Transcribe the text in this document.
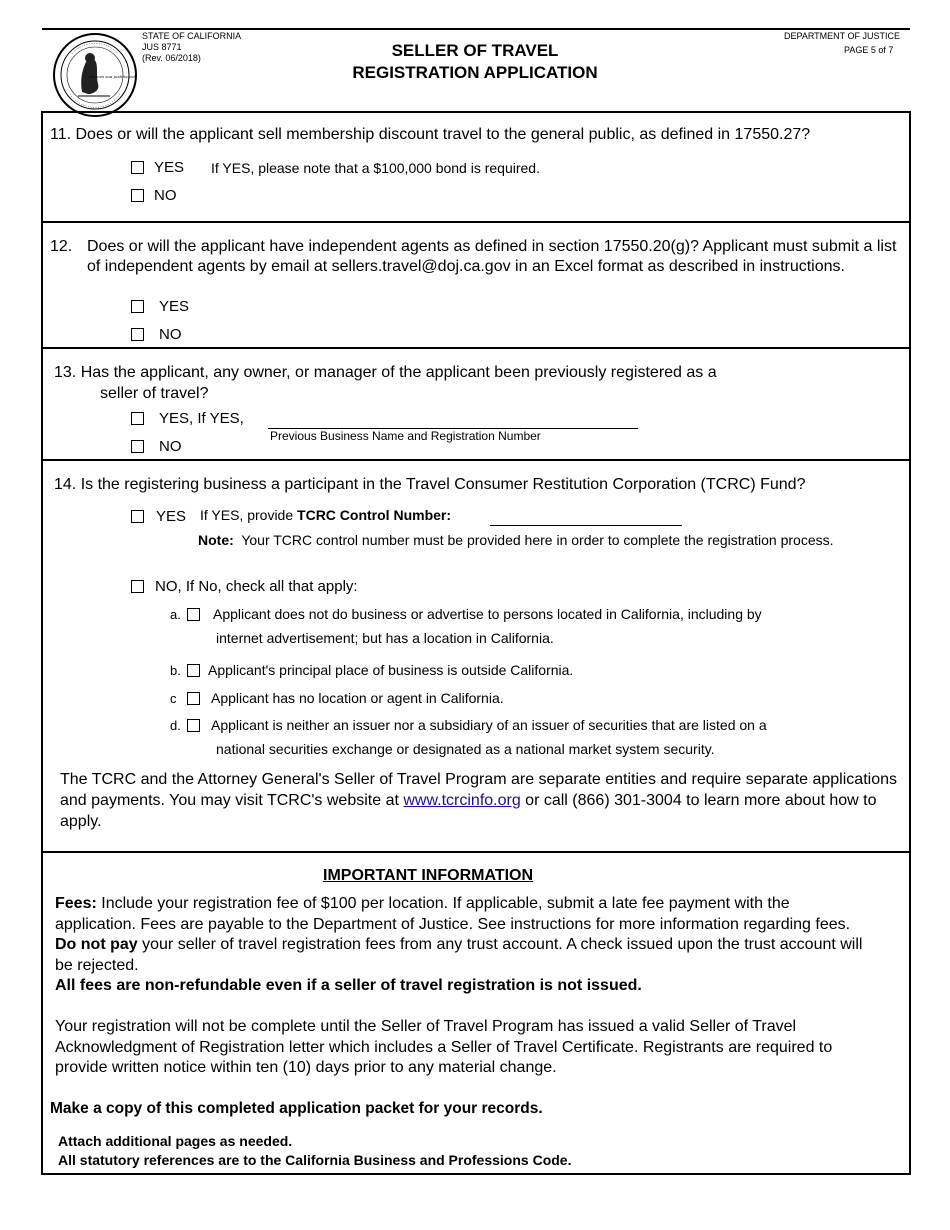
Merces sua justitia est
STATE OF CALIFORNIA
JUS 8771
(Rev. 06/2018)	SELLER OF TRAVEL
REGISTRATION APPLICATION
DEPARTMENT OF JUSTICE
PAGE 5 of 7
11. Does or will the applicant sell membership discount travel to the general public, as defined in 17550.27?
YES If YES, please note that a $100,000 bond is required.
NO
12. Does or will the applicant have independent agents as defined in section 17550.20(g)? Applicant must submit a list of independent agents by email at sellers.travel@doj.ca.gov in an Excel format as described in instructions.
YES
NO
13. Has the applicant, any owner, or manager of the applicant been previously registered as a
seller of travel?
YES, If YES,
Previous Business Name and Registration Number
NO
14. Is the registering business a participant in the Travel Consumer Restitution Corporation (TCRC) Fund?
YES If YES, provide TCRC Control Number:
Note: Your TCRC control number must be provided here in order to complete the registration process.
NO, If No, check all that apply:
a. Applicant does not do business or advertise to persons located in California, including by
internet advertisement; but has a location in California.
b. Applicant's principal place of business is outside California.
c Applicant has no location or agent in California.
d. Applicant is neither an issuer nor a subsidiary of an issuer of securities that are listed on a
national securities exchange or designated as a national market system security.
The TCRC and the Attorney General's Seller of Travel Program are separate entities and require separate applications and payments. You may visit TCRC's website at www.tcrcinfo.org or call (866) 301-3004 to learn more about how to apply.
IMPORTANT INFORMATION
Fees: Include your registration fee of $100 per location. If applicable, submit a late fee payment with the application. Fees are payable to the Department of Justice. See instructions for more information regarding fees. Do not pay your seller of travel registration fees from any trust account. A check issued upon the trust account will be rejected.
All fees are non-refundable even if a seller of travel registration is not issued.
Your registration will not be complete until the Seller of Travel Program has issued a valid Seller of Travel Acknowledgment of Registration letter which includes a Seller of Travel Certificate. Registrants are required to provide written notice within ten (10) days prior to any material change.
Make a copy of this completed application packet for your records.
Attach additional pages as needed.
All statutory references are to the California Business and Professions Code.
